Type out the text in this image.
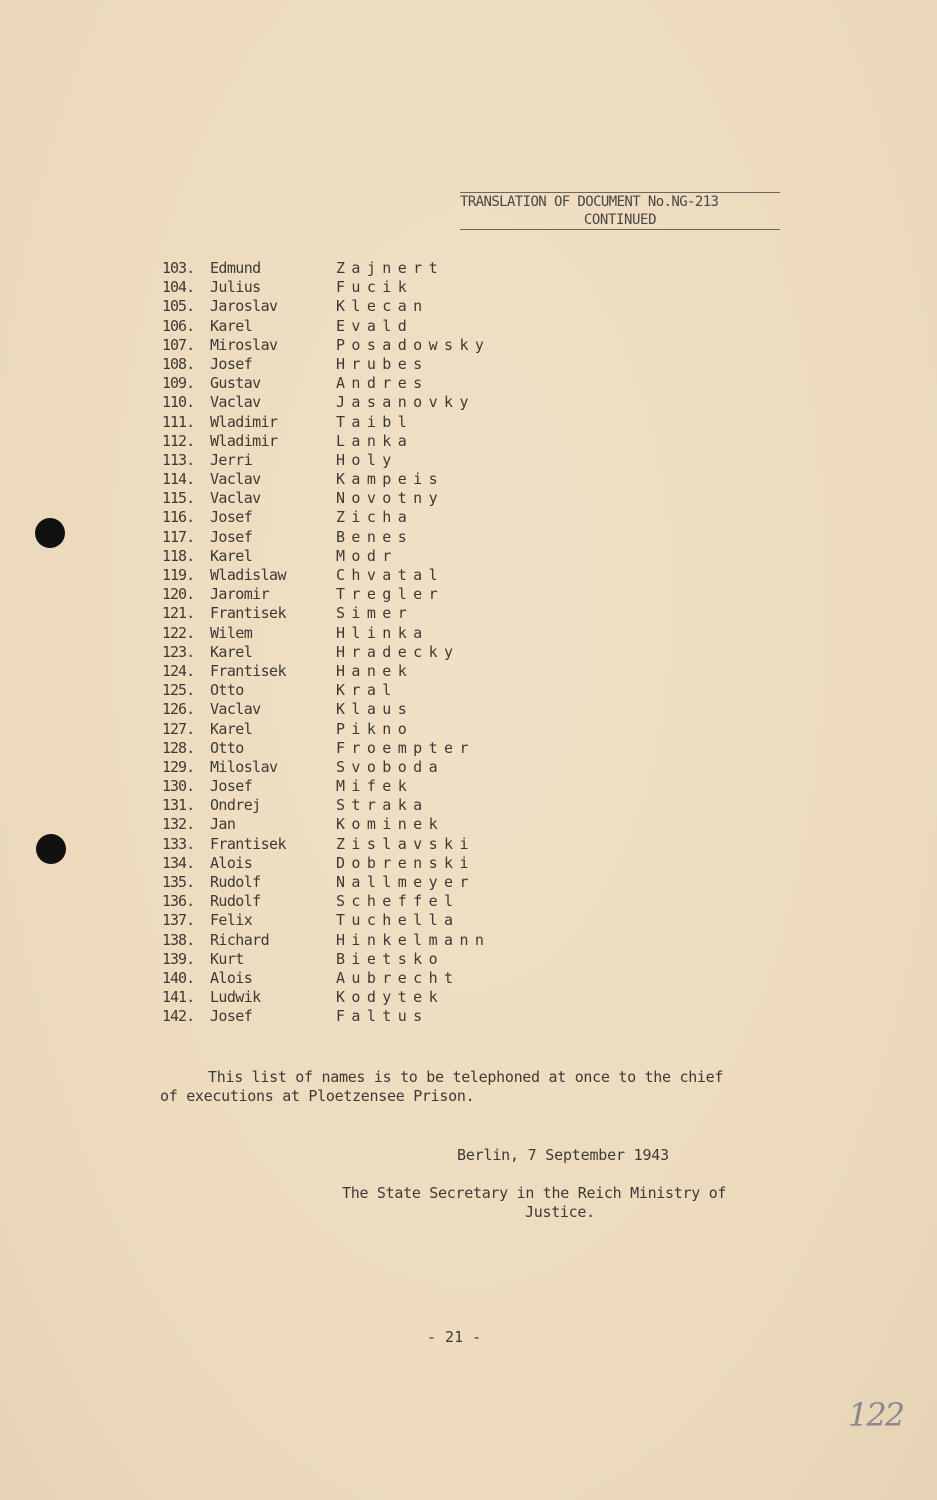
TRANSLATION OF DOCUMENT No.NG-213
CONTINUED
103. Edmund	Zajnert
104. Julius	Fucik
105. Jaroslav	Klecan
106. Karel	Evald
107. Miroslav	Posadowsky
108. Josef	Hrubes
109. Gustav	Andres
110. Vaclav	Jasanovky
111. Wladimir	Taibl
112. Wladimir	Lanka
113. Jerri	Holy
114. Vaclav	Kampeis
115. Vaclav	Novotny
116. Josef	Zicha
117. Josef	Benes
118. Karel	Modr
119. Wladislaw	Chvatal
120. Jaromir	Tregler
121. Frantisek	Simer
122. Wilem	Hlinka
123. Karel	Hradecky
124. Frantisek	Hanek
125. Otto	Kral
126. Vaclav	Klaus
127. Karel	Pikno
128. Otto	Froempter
129. Miloslav	Svoboda
130. Josef	Mifek
131. Ondrej	Straka
132. Jan	Kominek
133. Frantisek	Zislavski
134. Alois	Dobrenski
135. Rudolf	Nallmeyer
136. Rudolf	Scheffel
137. Felix	Tuchella
138. Richard	Hinkelmann
139. Kurt	Bietsko
140. Alois	Aubrecht
141. Ludwik	Kodytek
142. Josef	Faltus
This list of names is to be telephoned at once to the chief
of executions at Ploetzensee Prison.
Berlin, 7 September 1943
The State Secretary in the Reich Ministry of
Justice.
- 21 -
122
